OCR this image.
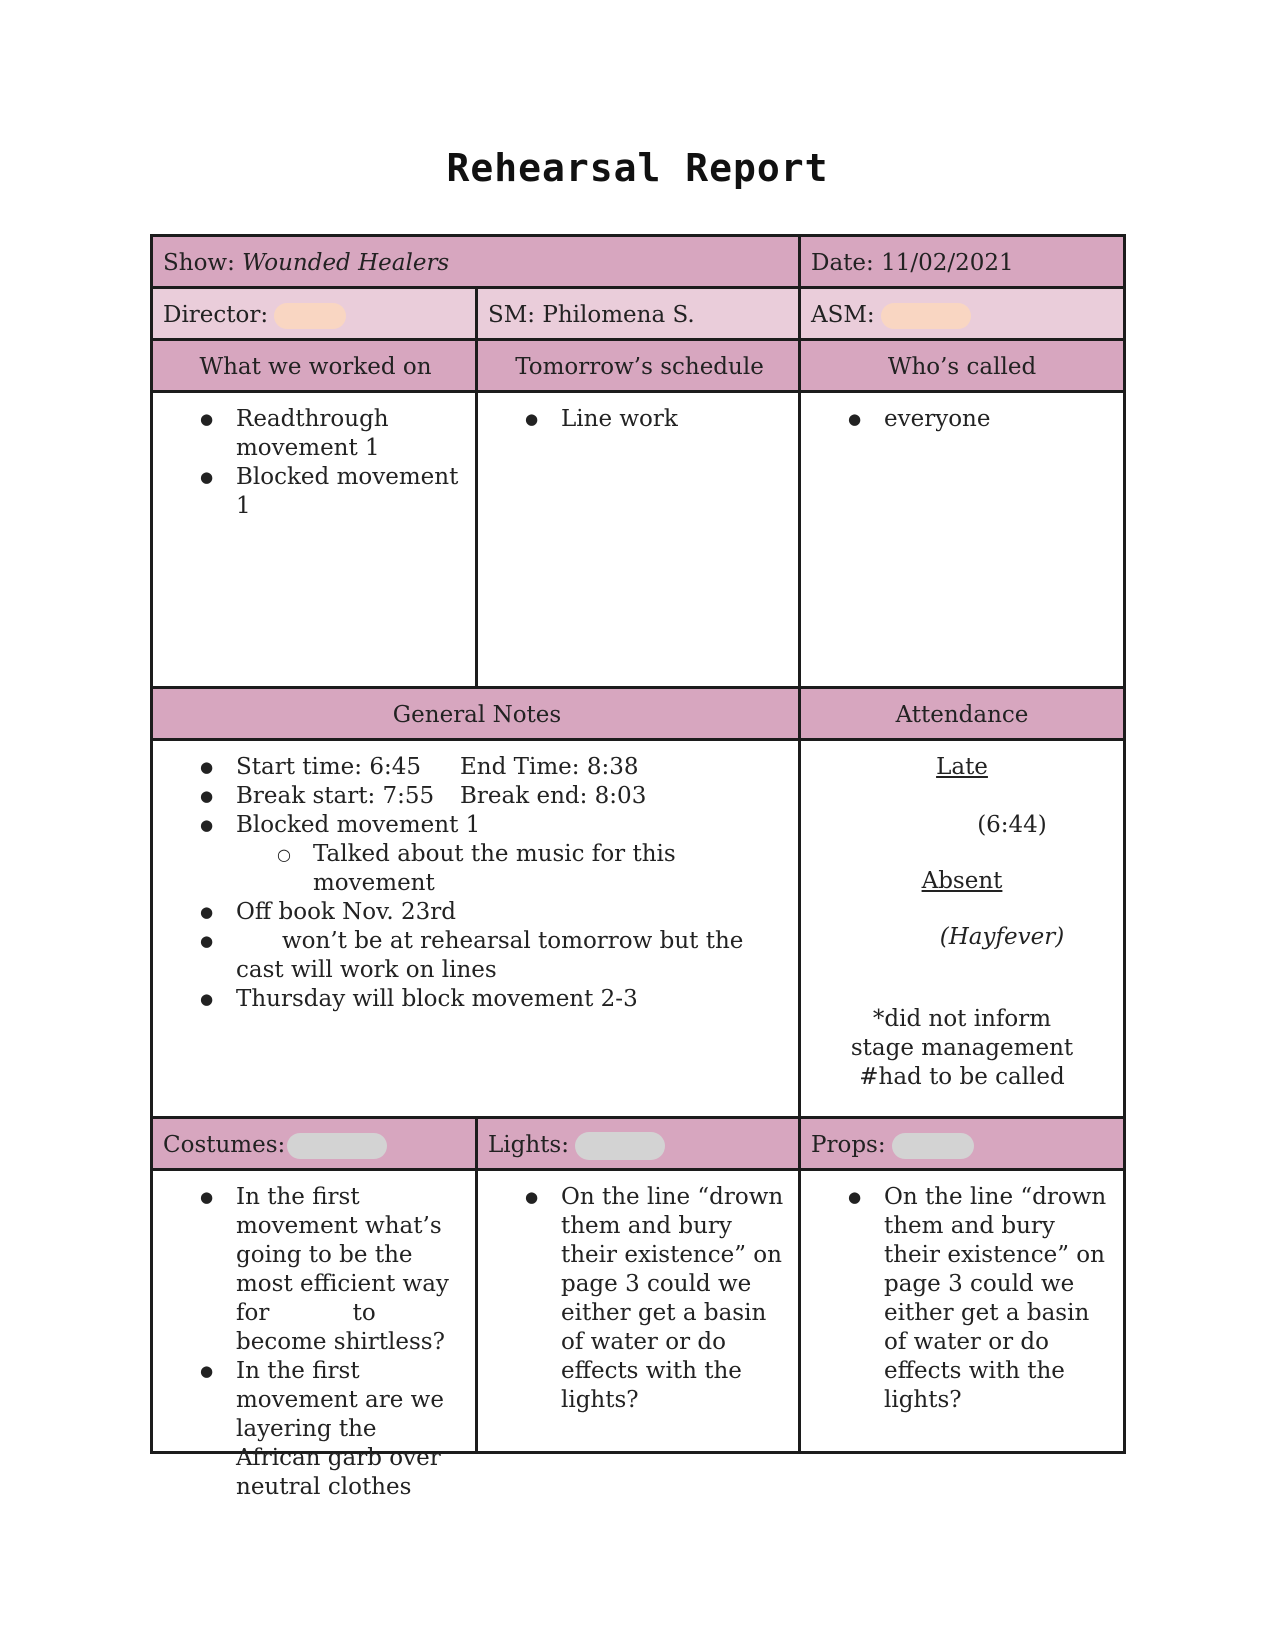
Rehearsal Report
Show: Wounded Healers	Date: 11/02/2021
Director:	SM: Philomena S.	ASM:
What we worked on	Tomorrow’s schedule	Who’s called
● Readthrough movement 1
● Blocked movement 1
● Line work
●	everyone
General Notes	Attendance
● Start time: 6:45 End Time: 8:38
● Break start: 7:55 Break end: 8:03
● Blocked movement 1
○ Talked about the music for this movement
● Off book Nov. 23rd
● won’t be at rehearsal tomorrow but the cast will work on lines
● Thursday will block movement 2-3
Late
(6:44)
Absent
(Hayfever)
*did not inform stage management
#had to be called
Costumes:	Lights:	Props:
● In the first movement what’s going to be the most efficient way for	to become shirtless?
● In the first movement are we layering the African garb over neutral clothes
● On the line “drown them and bury their existence” on page 3 could we either get a basin of water or do effects with the lights?
● On the line “drown them and bury their existence” on page 3 could we either get a basin of water or do effects with the lights?
